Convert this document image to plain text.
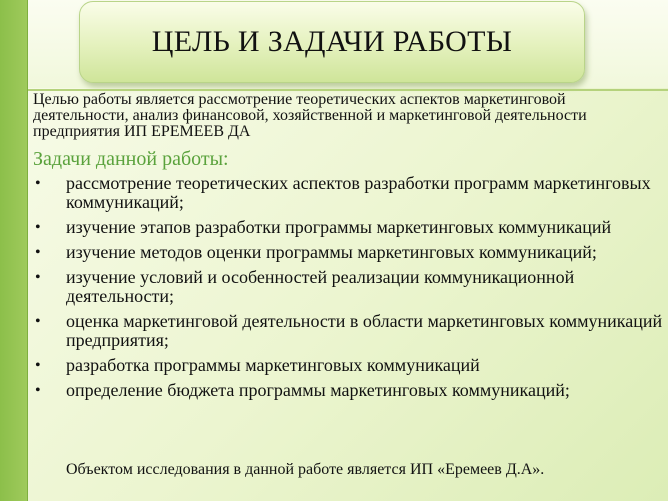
ЦЕЛЬ И ЗАДАЧИ РАБОТЫ

Целью работы является рассмотрение теоретических аспектов маркетинговой деятельности, анализ финансовой, хозяйственной и маркетинговой деятельности предприятия ИП ЕРЕМЕЕВ ДА

Задачи данной работы:
• рассмотрение теоретических аспектов разработки программ маркетинговых коммуникаций;
• изучение этапов разработки программы маркетинговых коммуникаций
• изучение методов оценки программы маркетинговых коммуникаций;
• изучение условий и особенностей реализации коммуникационной деятельности;
• оценка маркетинговой деятельности в области маркетинговых коммуникаций предприятия;
• разработка программы маркетинговых коммуникаций
• определение бюджета программы маркетинговых коммуникаций;

Объектом исследования в данной работе является ИП «Еремеев Д.А».
